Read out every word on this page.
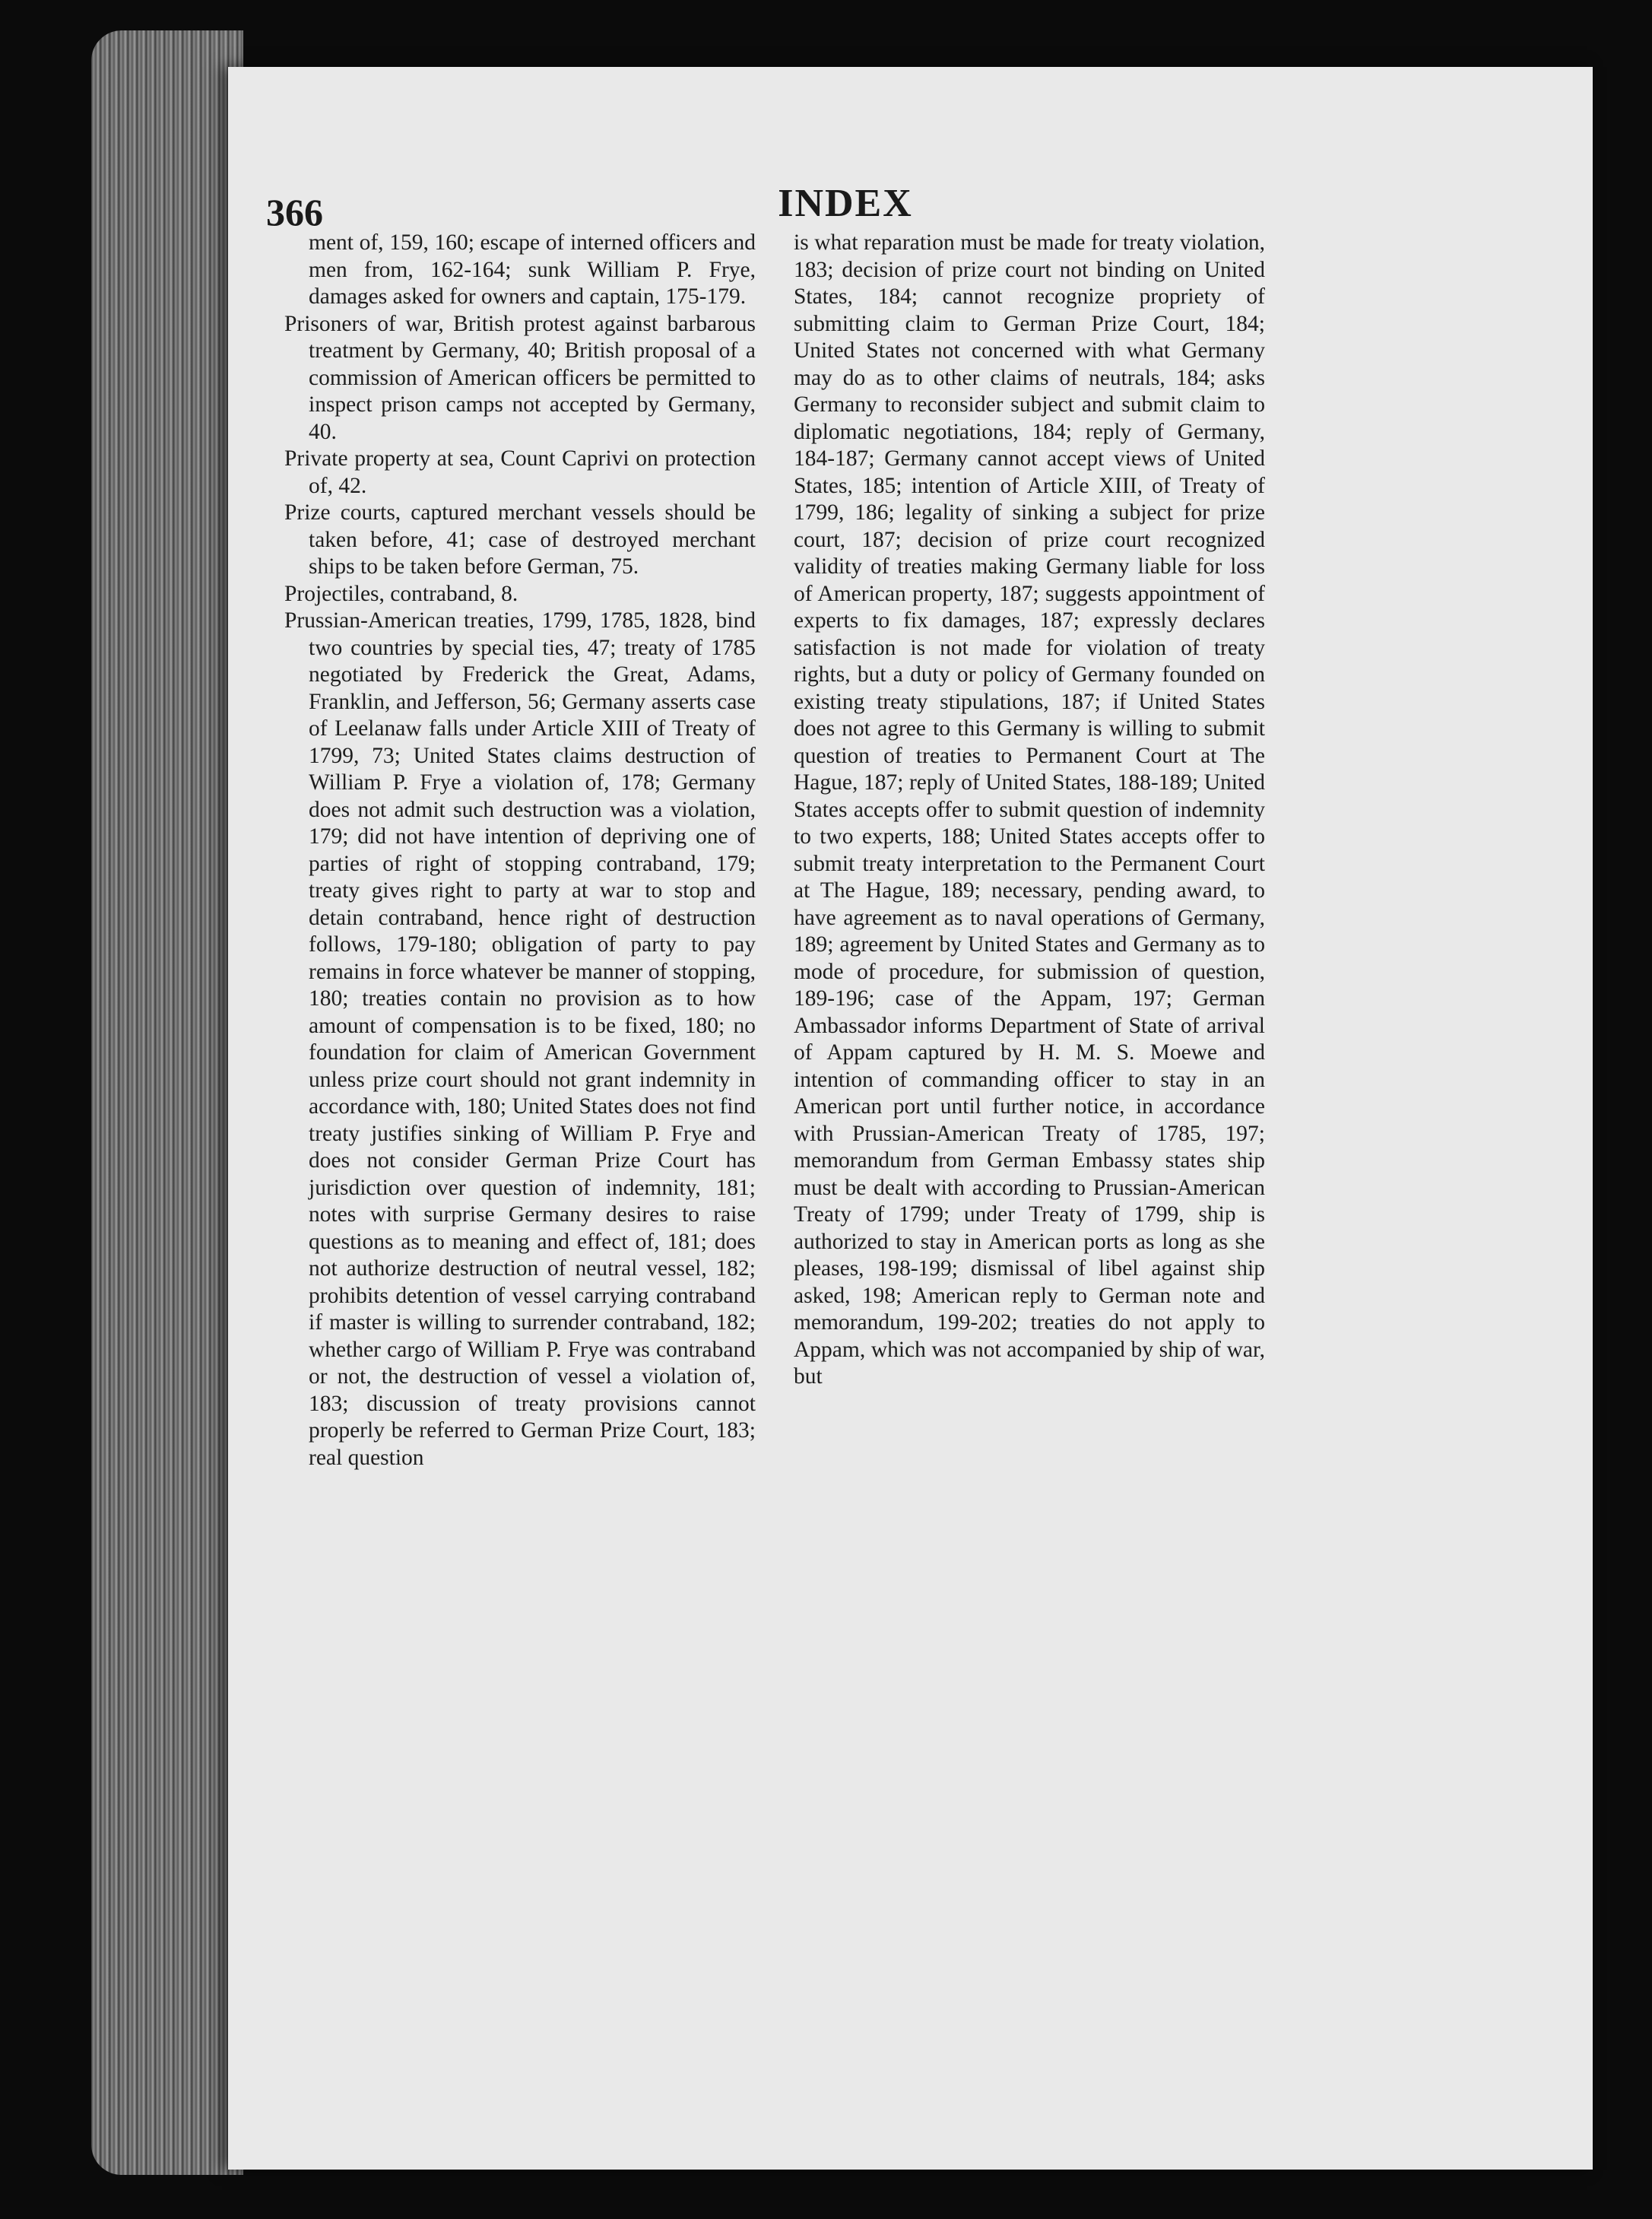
366	INDEX

ment of, 159, 160; escape of interned officers and men from, 162-164; sunk William P. Frye, damages asked for owners and captain, 175-179.

Prisoners of war, British protest against barbarous treatment by Germany, 40; British proposal of a commission of American officers be permitted to inspect prison camps not accepted by Germany, 40.

Private property at sea, Count Caprivi on protection of, 42.

Prize courts, captured merchant vessels should be taken before, 41; case of destroyed merchant ships to be taken before German, 75.

Projectiles, contraband, 8.

Prussian-American treaties, 1799, 1785, 1828, bind two countries by special ties, 47; treaty of 1785 negotiated by Frederick the Great, Adams, Franklin, and Jefferson, 56; Germany asserts case of Leelanaw falls under Article XIII of Treaty of 1799, 73; United States claims destruction of William P. Frye a violation of, 178; Germany does not admit such destruction was a violation, 179; did not have intention of depriving one of parties of right of stopping contraband, 179; treaty gives right to party at war to stop and detain contraband, hence right of destruction follows, 179-180; obligation of party to pay remains in force whatever be manner of stopping, 180; treaties contain no provision as to how amount of compensation is to be fixed, 180; no foundation for claim of American Government unless prize court should not grant indemnity in accordance with, 180; United States does not find treaty justifies sinking of William P. Frye and does not consider German Prize Court has jurisdiction over question of indemnity, 181; notes with surprise Germany desires to raise questions as to meaning and effect of, 181; does not authorize destruction of neutral vessel, 182; prohibits detention of vessel carrying contraband if master is willing to surrender contraband, 182; whether cargo of William P. Frye was contraband or not, the destruction of vessel a violation of, 183; discussion of treaty provisions cannot properly be referred to German Prize Court, 183; real question

is what reparation must be made for treaty violation, 183; decision of prize court not binding on United States, 184; cannot recognize propriety of submitting claim to German Prize Court, 184; United States not concerned with what Germany may do as to other claims of neutrals, 184; asks Germany to reconsider subject and submit claim to diplomatic negotiations, 184; reply of Germany, 184-187; Germany cannot accept views of United States, 185; intention of Article XIII, of Treaty of 1799, 186; legality of sinking a subject for prize court, 187; decision of prize court recognized validity of treaties making Germany liable for loss of American property, 187; suggests appointment of experts to fix damages, 187; expressly declares satisfaction is not made for violation of treaty rights, but a duty or policy of Germany founded on existing treaty stipulations, 187; if United States does not agree to this Germany is willing to submit question of treaties to Permanent Court at The Hague, 187; reply of United States, 188-189; United States accepts offer to submit question of indemnity to two experts, 188; United States accepts offer to submit treaty interpretation to the Permanent Court at The Hague, 189; necessary, pending award, to have agreement as to naval operations of Germany, 189; agreement by United States and Germany as to mode of procedure, for submission of question, 189-196; case of the Appam, 197; German Ambassador informs Department of State of arrival of Appam captured by H. M. S. Moewe and intention of commanding officer to stay in an American port until further notice, in accordance with Prussian-American Treaty of 1785, 197; memorandum from German Embassy states ship must be dealt with according to Prussian-American Treaty of 1799; under Treaty of 1799, ship is authorized to stay in American ports as long as she pleases, 198-199; dismissal of libel against ship asked, 198; American reply to German note and memorandum, 199-202; treaties do not apply to Appam, which was not accompanied by ship of war, but
